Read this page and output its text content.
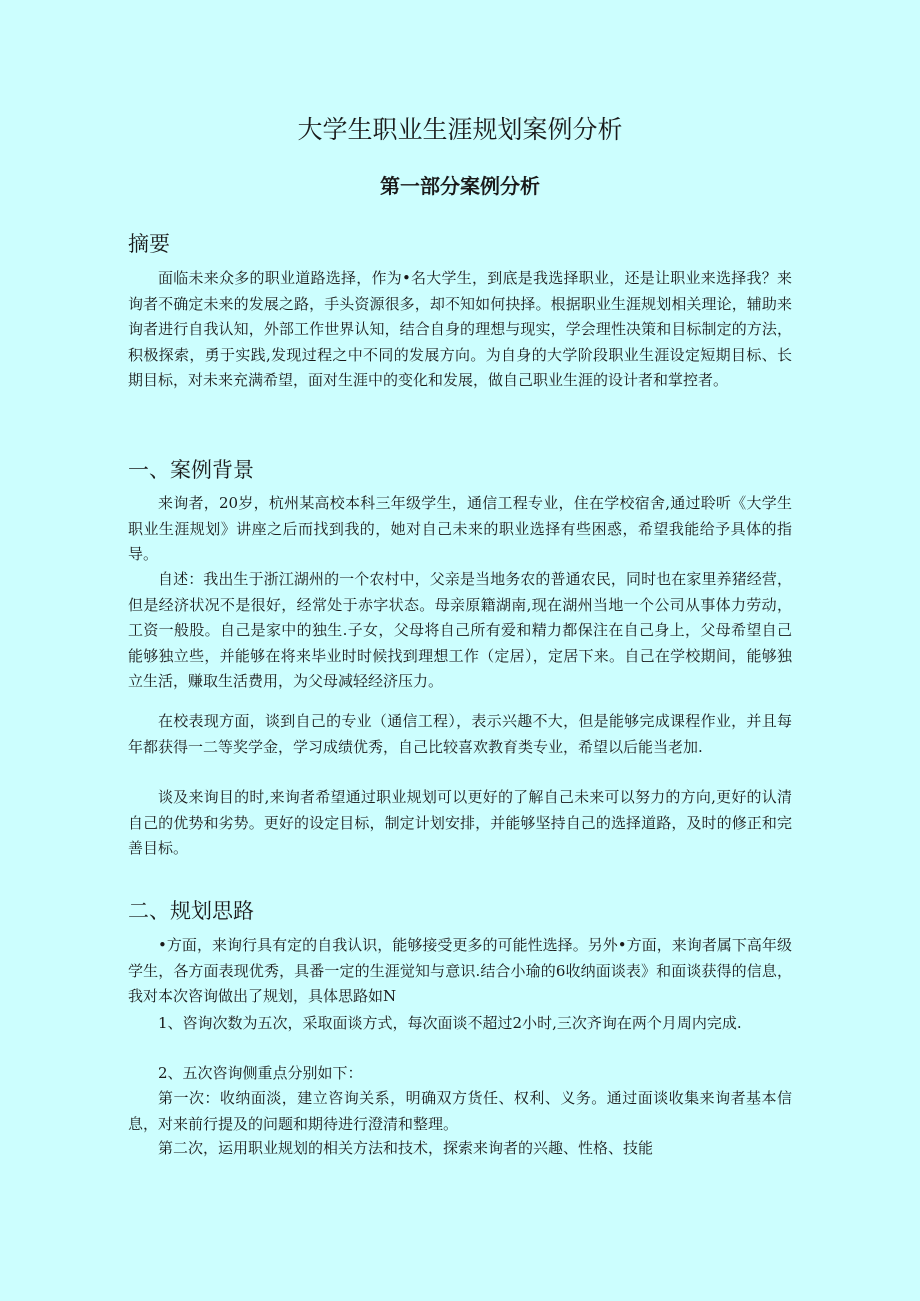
大学生职业生涯规划案例分析
第一部分案例分析
摘要

面临未来众多的职业道路选择，作为•名大学生，到底是我选择职业，还是让职业来选择我？来询者不确定未来的发展之路，手头资源很多，却不知如何抉择。根据职业生涯规划相关理论，辅助来询者进行自我认知，外部工作世界认知，结合自身的理想与现实，学会理性决策和目标制定的方法，积极探索，勇于实践,发现过程之中不同的发展方向。为自身的大学阶段职业生涯设定短期目标、长期目标，对未来充满希望，面对生涯中的变化和发展，做自己职业生涯的设计者和掌控者。

一、案例背景

来询者，20岁，杭州某高校本科三年级学生，通信工程专业，住在学校宿舍,通过聆听《大学生职业生涯规划》讲座之后而找到我的，她对自己未来的职业选择有些困惑，希望我能给予具体的指导。

自述：我出生于浙江湖州的一个农村中，父亲是当地务农的普通农民，同时也在家里养猪经营，但是经济状况不是很好，经常处于赤字状态。母亲原籍湖南,现在湖州当地一个公司从事体力劳动，工资一般股。自己是家中的独生.子女，父母将自己所有爱和精力都保注在自己身上，父母希望自己能够独立些，并能够在将来毕业时时候找到理想工作（定居），定居下来。自己在学校期间，能够独立生活，赚取生活费用，为父母减轻经济压力。

在校表现方面，谈到自己的专业（通信工程），表示兴趣不大，但是能够完成课程作业，并且每年都获得一二等奖学金，学习成绩优秀，自己比较喜欢教育类专业，希望以后能当老加.

谈及来询目的时,来询者希望通过职业规划可以更好的了解自己未来可以努力的方向,更好的认清自己的优势和劣势。更好的设定目标，制定计划安排，并能够坚持自己的选择道路，及时的修正和完善目标。

二、规划思路

•方面，来询行具有定的自我认识，能够接受更多的可能性选择。另外•方面，来询者属下高年级学生，各方面表现优秀，具番一定的生涯觉知与意识.结合小瑜的6收纳面谈表》和面谈获得的信息，我对本次咨询做出了规划，具体思路如N

1、咨询次数为五次，采取面谈方式，每次面谈不超过2小时,三次齐询在两个月周内完成.

2、五次咨询侧重点分别如下：

第一次：收纳面淡，建立咨询关系，明确双方货任、权利、义务。通过面谈收集来询者基本信息，对来前行提及的问题和期待进行澄清和整理。

第二次，运用职业规划的相关方法和技术，探索来询者的兴趣、性格、技能
